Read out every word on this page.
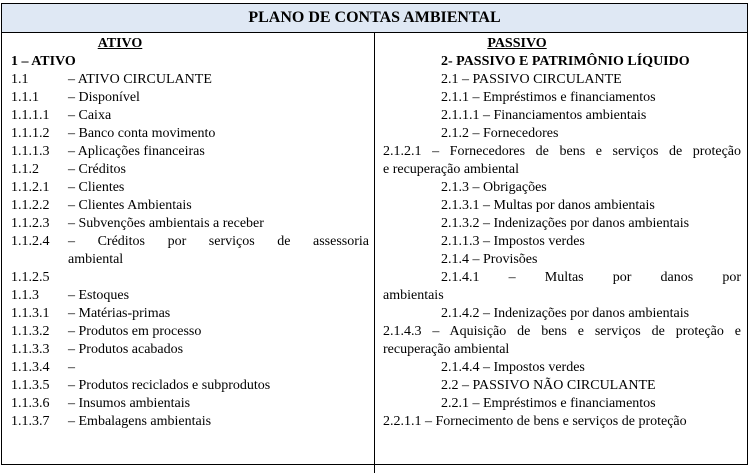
PLANO DE CONTAS AMBIENTAL
ATIVO
1 – ATIVO
1.1	– ATIVO CIRCULANTE
1.1.1	– Disponível
1.1.1.1	– Caixa
1.1.1.2	– Banco conta movimento
1.1.1.3	– Aplicações financeiras
1.1.2	– Créditos
1.1.2.1	– Clientes
1.1.2.2	– Clientes Ambientais
1.1.2.3	– Subvenções ambientais a receber
1.1.2.4	– Créditos por serviços de assessoria
ambiental
1.1.2.5
1.1.3	– Estoques
1.1.3.1	– Matérias-primas
1.1.3.2	– Produtos em processo
1.1.3.3	– Produtos acabados
1.1.3.4	–
1.1.3.5	– Produtos reciclados e subprodutos
1.1.3.6	– Insumos ambientais
1.1.3.7	– Embalagens ambientais
PASSIVO
2- PASSIVO E PATRIMÔNIO LÍQUIDO
2.1 – PASSIVO CIRCULANTE
2.1.1 – Empréstimos e financiamentos
2.1.1.1 – Financiamentos ambientais
2.1.2 – Fornecedores
2.1.2.1 – Fornecedores de bens e serviços de proteção
e recuperação ambiental
2.1.3 – Obrigações
2.1.3.1 – Multas por danos ambientais
2.1.3.2 – Indenizações por danos ambientais
2.1.1.3 – Impostos verdes
2.1.4 – Provisões
2.1.4.1 – Multas por danos por
ambientais
2.1.4.2 – Indenizações por danos ambientais
2.1.4.3 – Aquisição de bens e serviços de proteção e
recuperação ambiental
2.1.4.4 – Impostos verdes
2.2 – PASSIVO NÃO CIRCULANTE
2.2.1 – Empréstimos e financiamentos
2.2.1.1 – Fornecimento de bens e serviços de proteção
